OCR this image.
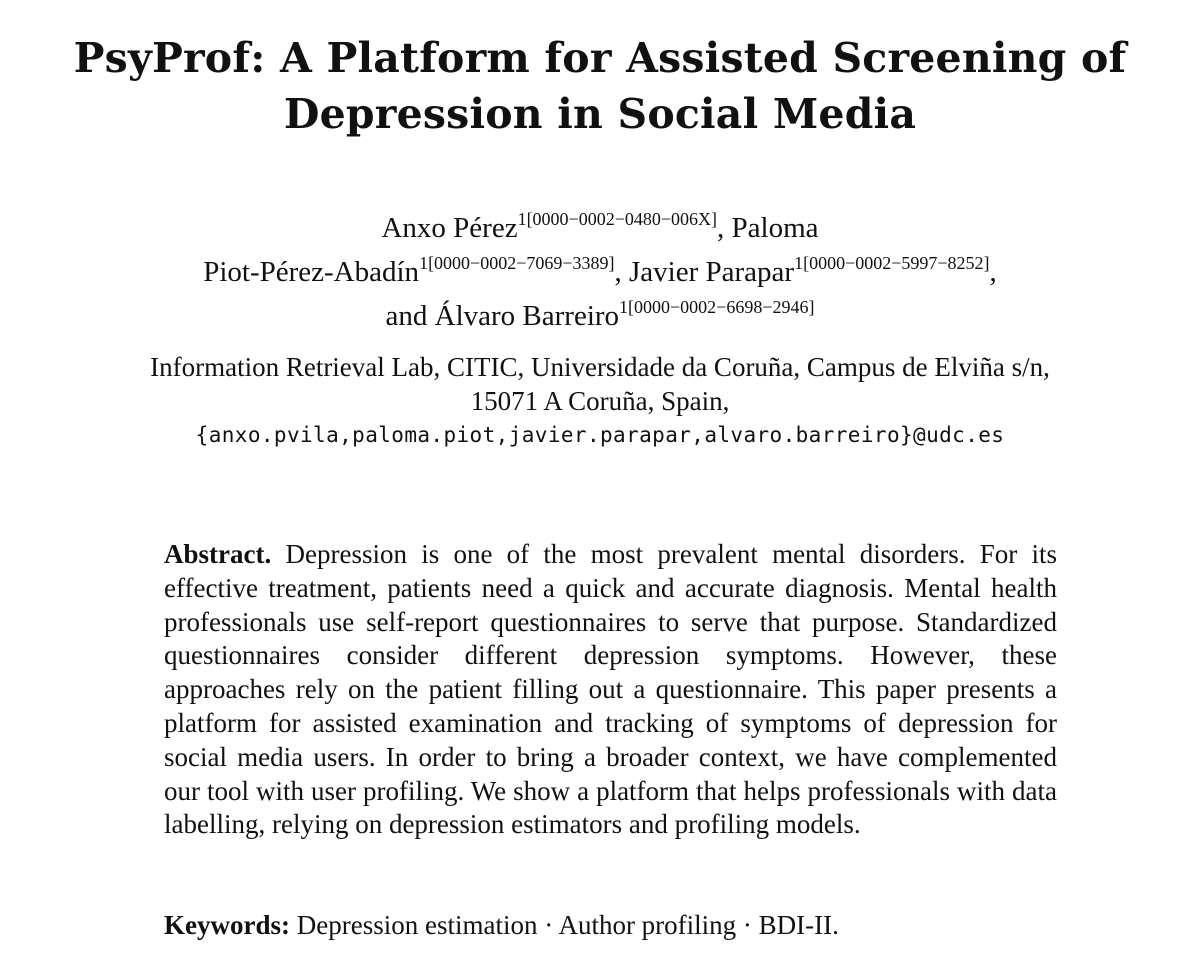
PsyProf: A Platform for Assisted Screening of
Depression in Social Media
Anxo Pérez$^{1[0000-0002-0480-006X]}$, Paloma
Piot-Pérez-Abadín$^{1[0000-0002-7069-3389]}$, Javier Parapar$^{1[0000-0002-5997-8252]}$,
and Álvaro Barreiro$^{1[0000-0002-6698-2946]}$
Information Retrieval Lab, CITIC, Universidade da Coruña, Campus de Elviña s/n,
15071 A Coruña, Spain,
{anxo.pvila,paloma.piot,javier.parapar,alvaro.barreiro}@udc.es
Abstract. Depression is one of the most prevalent mental disorders. For its effective treatment, patients need a quick and accurate diagnosis. Mental health professionals use self-report questionnaires to serve that purpose. Standardized questionnaires consider different depression symptoms. However, these approaches rely on the patient filling out a questionnaire. This paper presents a platform for assisted examination and tracking of symptoms of depression for social media users. In order to bring a broader context, we have complemented our tool with user profiling. We show a platform that helps professionals with data labelling, relying on depression estimators and profiling models.
Keywords: Depression estimation · Author profiling · BDI-II.
